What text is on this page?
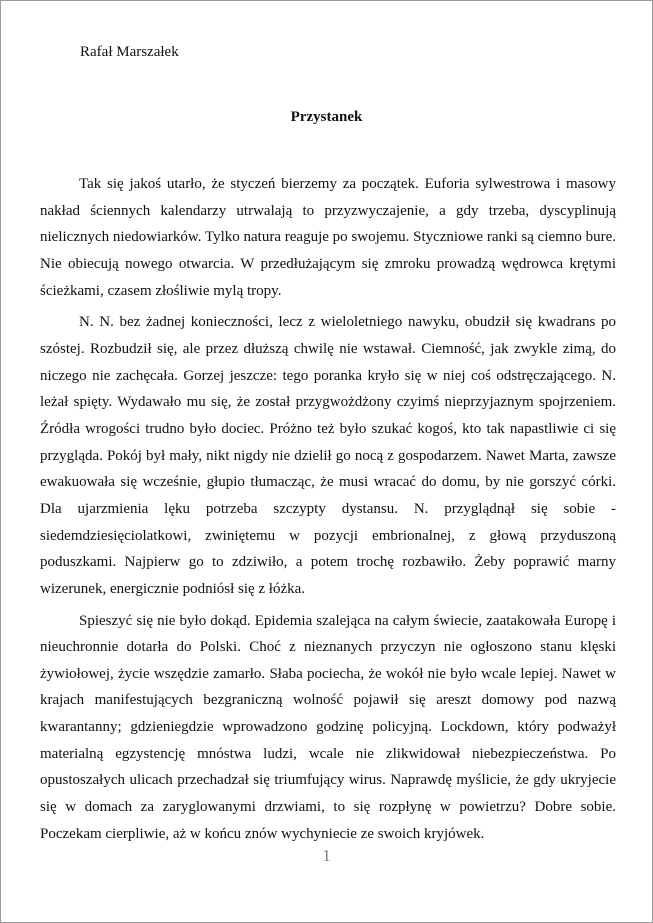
Rafał Marszałek

Przystanek

Tak się jakoś utarło, że styczeń bierzemy za początek. Euforia sylwestrowa i masowy nakład ściennych kalendarzy utrwalają to przyzwyczajenie, a gdy trzeba, dyscyplinują nielicznych niedowiarków. Tylko natura reaguje po swojemu. Styczniowe ranki są ciemno bure. Nie obiecują nowego otwarcia. W przedłużającym się zmroku prowadzą wędrowca krętymi ścieżkami, czasem złośliwie mylą tropy.

N. N. bez żadnej konieczności, lecz z wieloletniego nawyku, obudził się kwadrans po szóstej. Rozbudził się, ale przez dłuższą chwilę nie wstawał. Ciemność, jak zwykle zimą, do niczego nie zachęcała. Gorzej jeszcze: tego poranka kryło się w niej coś odstręczającego. N. leżał spięty. Wydawało mu się, że został przygwożdżony czyimś nieprzyjaznym spojrzeniem. Źródła wrogości trudno było dociec. Próżno też było szukać kogoś, kto tak napastliwie ci się przygląda. Pokój był mały, nikt nigdy nie dzielił go nocą z gospodarzem. Nawet Marta, zawsze ewakuowała się wcześnie, głupio tłumacząc, że musi wracać do domu, by nie gorszyć córki. Dla ujarzmienia lęku potrzeba szczypty dystansu. N. przyglądnął się sobie - siedemdziesięciolatkowi, zwiniętemu w pozycji embrionalnej, z głową przyduszoną poduszkami. Najpierw go to zdziwiło, a potem trochę rozbawiło. Żeby poprawić marny wizerunek, energicznie podniósł się z łóżka.

Spieszyć się nie było dokąd. Epidemia szalejąca na całym świecie, zaatakowała Europę i nieuchronnie dotarła do Polski. Choć z nieznanych przyczyn nie ogłoszono stanu klęski żywiołowej, życie wszędzie zamarło. Słaba pociecha, że wokół nie było wcale lepiej. Nawet w krajach manifestujących bezgraniczną wolność pojawił się areszt domowy pod nazwą kwarantanny; gdzieniegdzie wprowadzono godzinę policyjną. Lockdown, który podważył materialną egzystencję mnóstwa ludzi, wcale nie zlikwidował niebezpieczeństwa. Po opustoszałych ulicach przechadzał się triumfujący wirus. Naprawdę myślicie, że gdy ukryjecie się w domach za zaryglowanymi drzwiami, to się rozpłynę w powietrzu? Dobre sobie. Poczekam cierpliwie, aż w końcu znów wychyniecie ze swoich kryjówek.

1
